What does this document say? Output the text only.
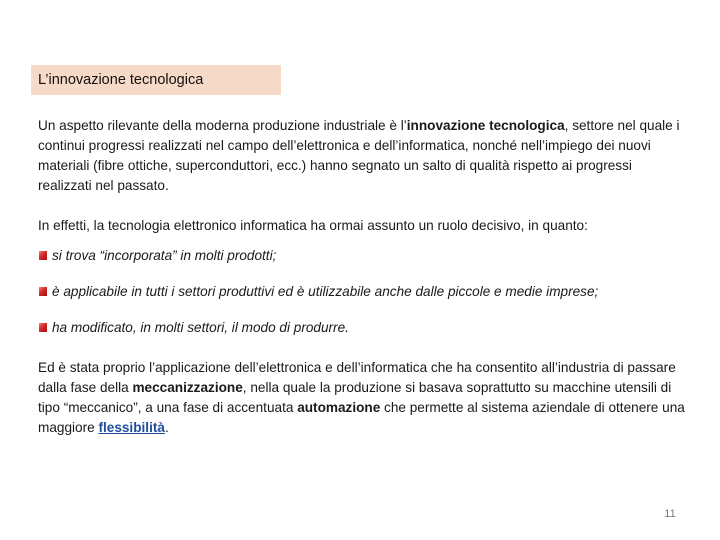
L’innovazione tecnologica

Un aspetto rilevante della moderna produzione industriale è l’innovazione tecnologica, settore nel quale i continui progressi realizzati nel campo dell’elettronica e dell’informatica, nonché nell’impiego dei nuovi materiali (fibre ottiche, superconduttori, ecc.) hanno segnato un salto di qualità rispetto ai progressi realizzati nel passato.

In effetti, la tecnologia elettronico informatica ha ormai assunto un ruolo decisivo, in quanto:

si trova “incorporata” in molti prodotti;

è applicabile in tutti i settori produttivi ed è utilizzabile anche dalle piccole e medie imprese;

ha modificato, in molti settori, il modo di produrre.

Ed è stata proprio l’applicazione dell’elettronica e dell’informatica che ha consentito all’industria di passare dalla fase della meccanizzazione, nella quale la produzione si basava soprattutto su macchine utensili di tipo “meccanico”, a una fase di accentuata automazione che permette al sistema aziendale di ottenere una maggiore flessibilità.

11
